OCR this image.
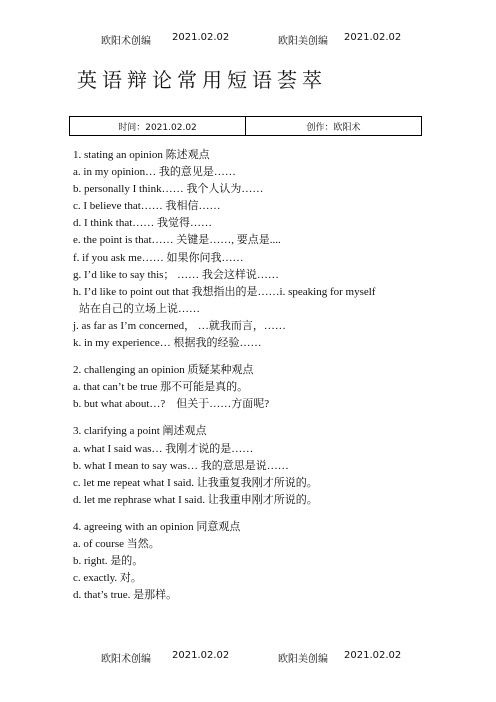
欧阳术创编 2021.02.02	欧阳美创编 2021.02.02
英语辩论常用短语荟萃
时间：2021.02.02	创作：欧阳术
1. stating an opinion 陈述观点
a. in my opinion… 我的意见是……
b. personally I think…… 我个人认为……
c. I believe that…… 我相信……
d. I think that…… 我觉得……
e. the point is that…… 关键是……, 要点是....
f. if you ask me…… 如果你问我……
g. I’d like to say this； …… 我会这样说……
h. I’d like to point out that 我想指出的是……i. speaking for myself
站在自己的立场上说……
j. as far as I’m concerned， …就我而言，……
k. in my experience… 根据我的经验……
2. challenging an opinion 质疑某种观点
a. that can’t be true 那不可能是真的。
b. but what about…?　但关于……方面呢?
3. clarifying a point 阐述观点
a. what I said was… 我刚才说的是……
b. what I mean to say was… 我的意思是说……
c. let me repeat what I said. 让我重复我刚才所说的。
d. let me rephrase what I said. 让我重申刚才所说的。
4. agreeing with an opinion 同意观点
a. of course 当然。
b. right. 是的。
c. exactly. 对。
d. that’s true. 是那样。
欧阳术创编 2021.02.02	欧阳美创编 2021.02.02
